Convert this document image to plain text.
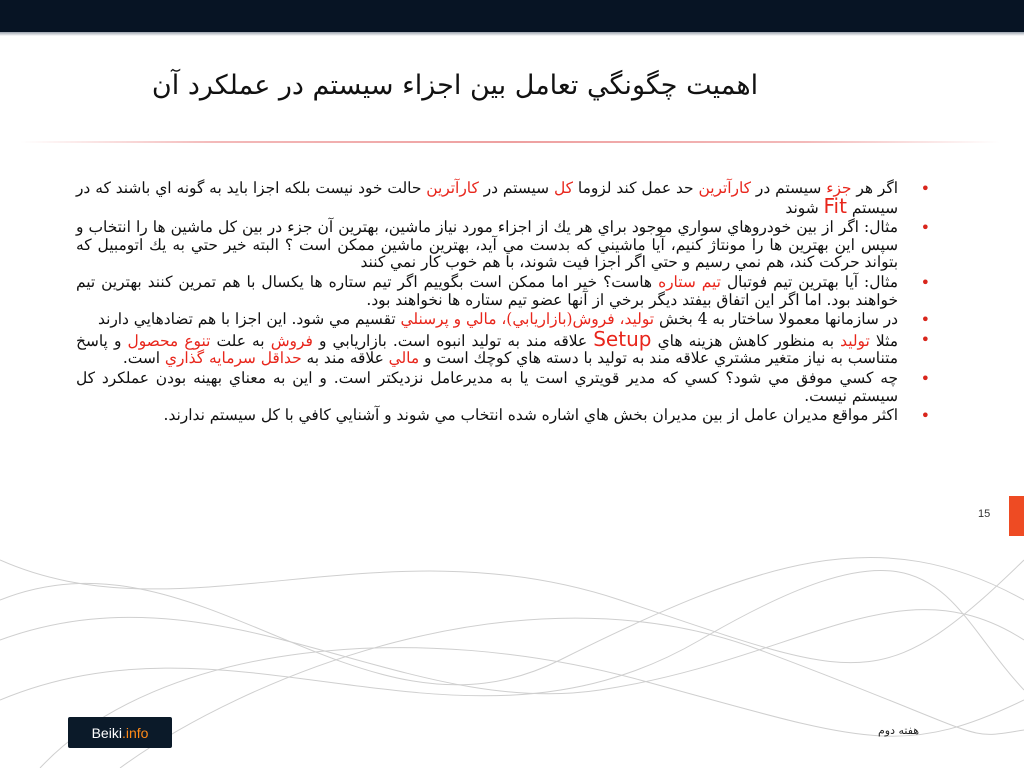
اهميت چگونگي تعامل بين اجزاء سيستم در عملكرد آن
• اگر هر جزء سيستم در كارآترين حد عمل كند لزوما كل سيستم در كارآترين حالت خود نيست بلكه اجزا بايد به گونه اي باشند كه در سيستم Fit شوند
• مثال: اگر از بين خودروهاي سواري موجود براي هر يك از اجزاء مورد نياز ماشين، بهترين آن جزء در بين كل ماشين ها را انتخاب و سپس اين بهترين ها را مونتاژ كنيم، آيا ماشيني كه بدست مي آيد، بهترين ماشين ممكن است ؟ البته خير حتي به يك اتومبيل كه بتواند حركت كند، هم نمي رسيم و حتي اگر اجزا فيت شوند، با هم خوب كار نمي كنند
• مثال: آيا بهترين تيم فوتبال تيم ستاره هاست؟ خير اما ممكن است بگوييم اگر تيم ستاره ها يكسال با هم تمرين كنند بهترين تيم خواهند بود. اما اگر اين اتفاق بيفتد ديگر برخي از آنها عضو تيم ستاره ها نخواهند بود.
• در سازمانها معمولا ساختار به 4 بخش توليد، فروش(بازاريابي)، مالي و پرسنلي تقسيم مي شود. اين اجزا با هم تضادهايي دارند
• مثلا توليد به منظور كاهش هزينه هاي Setup علاقه مند به توليد انبوه است. بازاريابي و فروش به علت تنوع محصول و پاسخ متناسب به نياز متغير مشتري علاقه مند به توليد با دسته هاي كوچك است و مالي علاقه مند به حداقل سرمايه گذاري است.
• چه كسي موفق مي شود؟ كسي كه مدير قويتري است يا به مديرعامل نزديكتر است. و اين به معناي بهينه بودن عملكرد كل سيستم نيست.
• اكثر مواقع مديران عامل از بين مديران بخش هاي اشاره شده انتخاب مي شوند و آشنايي كافي با كل سيستم ندارند.
15
هفته دوم
Beiki .info
